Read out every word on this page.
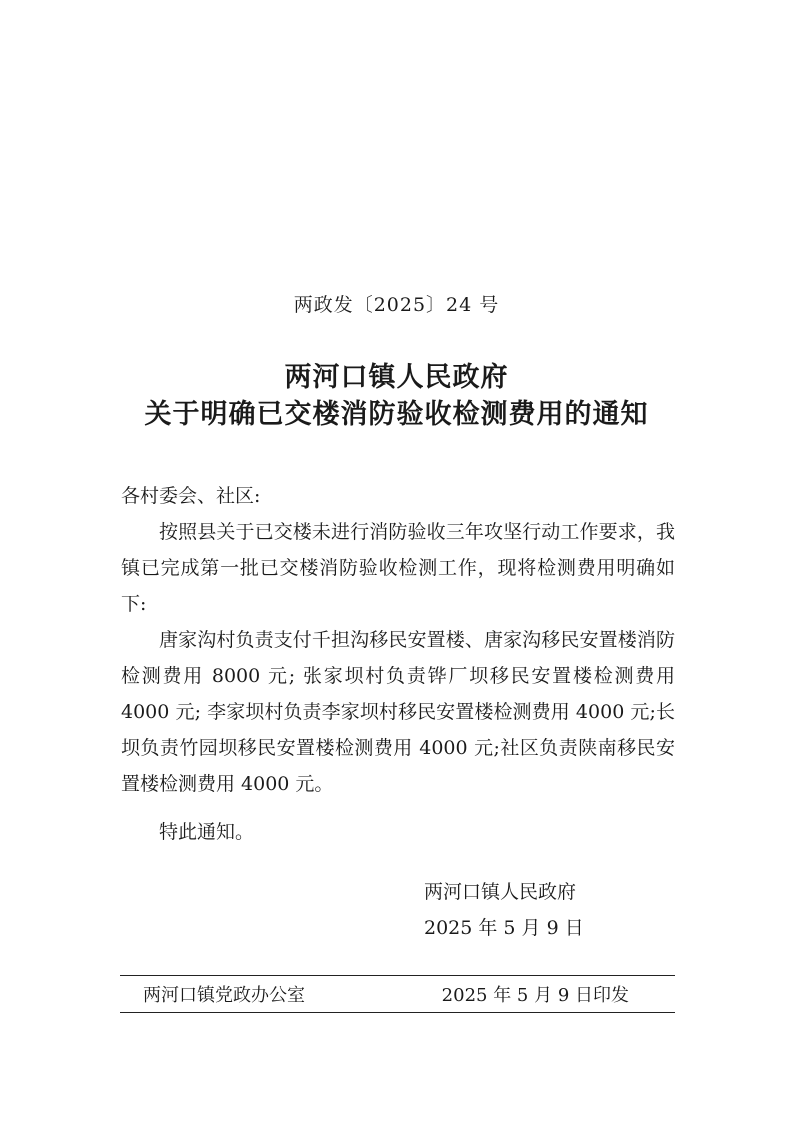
两政发〔2025〕24 号
两河口镇人民政府
关于明确已交楼消防验收检测费用的通知
各村委会、社区:

按照县关于已交楼未进行消防验收三年攻坚行动工作要求，我镇已完成第一批已交楼消防验收检测工作，现将检测费用明确如下:

唐家沟村负责支付千担沟移民安置楼、唐家沟移民安置楼消防检测费用 8000 元; 张家坝村负责铧厂坝移民安置楼检测费用 4000 元; 李家坝村负责李家坝村移民安置楼检测费用 4000 元;长坝负责竹园坝移民安置楼检测费用 4000 元;社区负责陕南移民安置楼检测费用 4000 元。

特此通知。

两河口镇人民政府
2025 年 5 月 9 日
两河口镇党政办公室	2025 年 5 月 9 日印发
